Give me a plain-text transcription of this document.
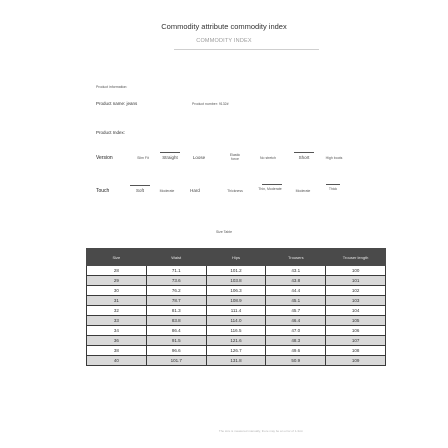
Commodity attribute commodity index
COMMODITY INDEX
Product information:
Product name: jeans	Product number: 9132#
Product Index:
Version	Slim Fit	Straight	Loose	Elastic force	No stretch	Short	High boots
Touch	Soft	Moderate	Hard	Thickness	Thin, Moderate	Moderate	Thick
Size Table
Size	Waist	Hips	Trousers	Trouser length
28	71.1	101.2	43.1	100
29	73.6	103.8	43.8	101
30	76.2	106.3	44.4	102
31	78.7	108.9	45.1	103
32	81.3	111.4	45.7	104
33	83.8	114.0	46.4	105
34	86.4	116.5	47.0	106
36	91.5	121.6	48.3	107
38	96.6	126.7	49.6	108
40	101.7	131.8	50.9	109
The size is measured manually, there may be an error of 1-3cm
